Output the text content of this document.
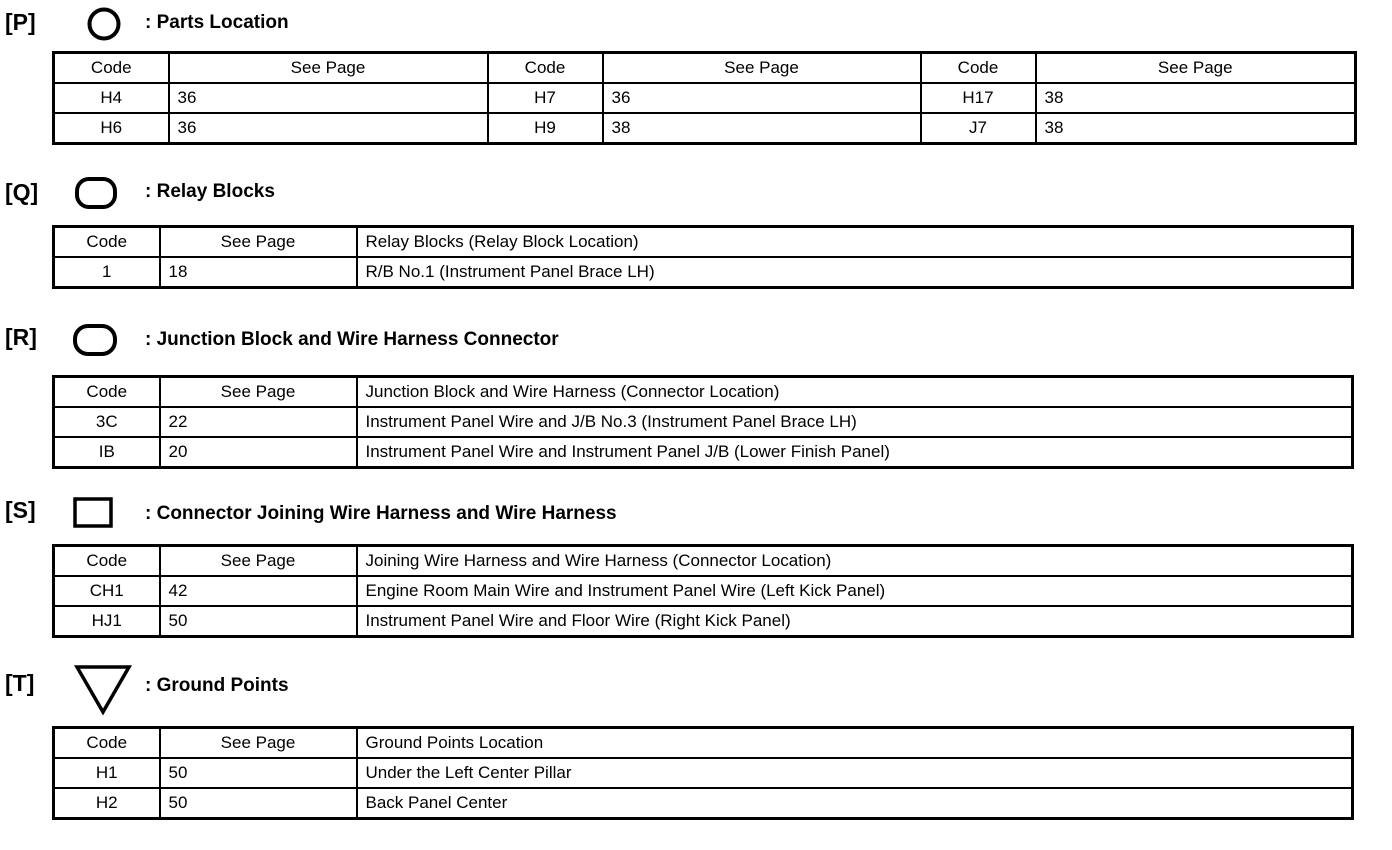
[P]	: Parts Location
Code	See Page	Code	See Page	Code	See Page
H4	36	H7	36	H17	38
H6	36	H9	38	J7	38
[Q]	: Relay Blocks
Code	See Page	Relay Blocks (Relay Block Location)
1	18	R/B No.1 (Instrument Panel Brace LH)
[R]	: Junction Block and Wire Harness Connector
Code	See Page	Junction Block and Wire Harness (Connector Location)
3C	22	Instrument Panel Wire and J/B No.3 (Instrument Panel Brace LH)
IB	20	Instrument Panel Wire and Instrument Panel J/B (Lower Finish Panel)
[S]	: Connector Joining Wire Harness and Wire Harness
Code	See Page	Joining Wire Harness and Wire Harness (Connector Location)
CH1	42	Engine Room Main Wire and Instrument Panel Wire (Left Kick Panel)
HJ1	50	Instrument Panel Wire and Floor Wire (Right Kick Panel)
[T]	: Ground Points
Code	See Page	Ground Points Location
H1	50	Under the Left Center Pillar
H2	50	Back Panel Center
